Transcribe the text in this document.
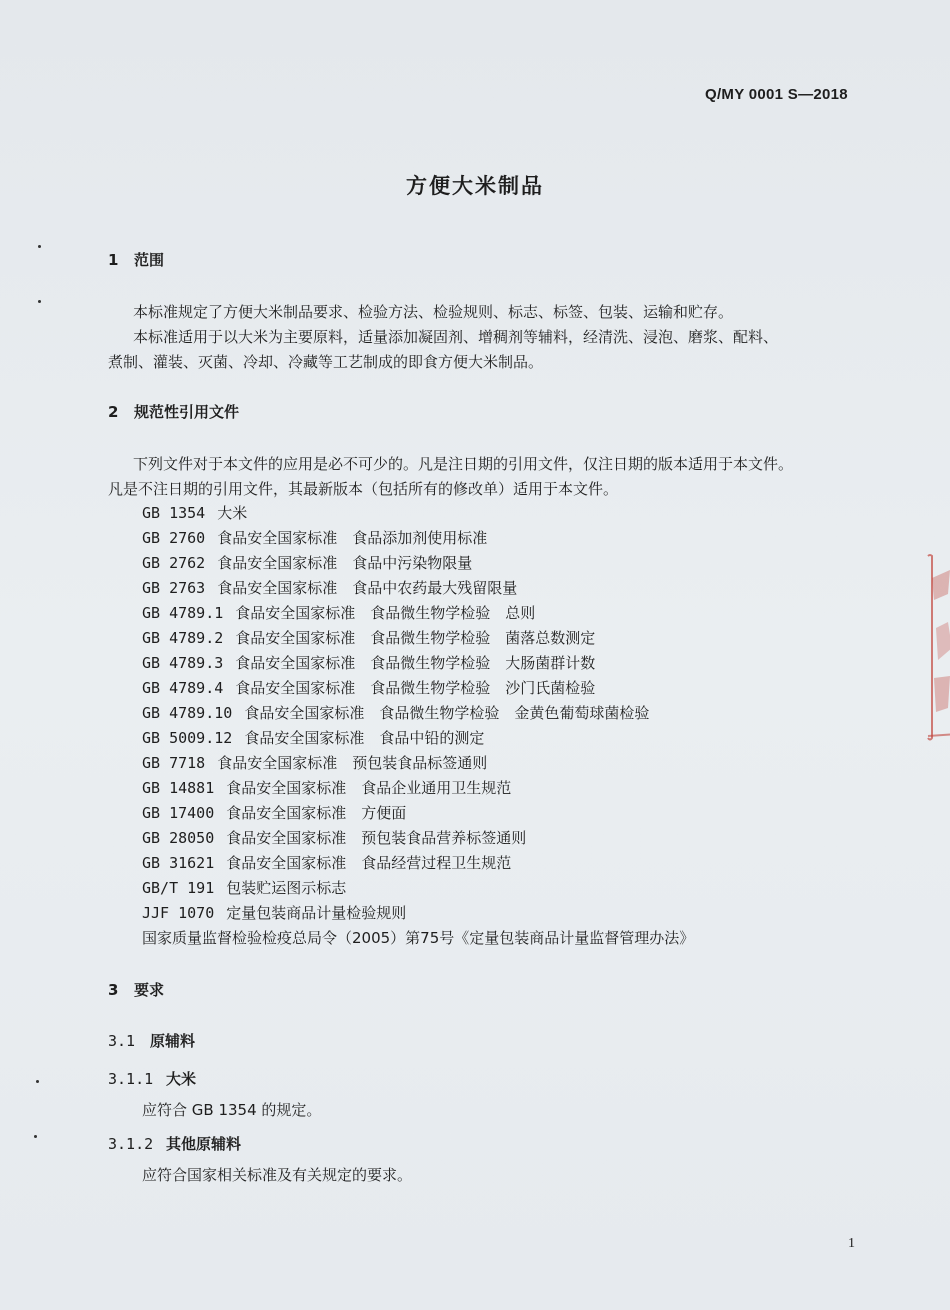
Q/MY 0001 S—2018
方便大米制品
1 范围
本标准规定了方便大米制品要求、检验方法、检验规则、标志、标签、包装、运输和贮存。
本标准适用于以大米为主要原料，适量添加凝固剂、增稠剂等辅料，经清洗、浸泡、磨浆、配料、
煮制、灌装、灭菌、冷却、冷藏等工艺制成的即食方便大米制品。
2 规范性引用文件
下列文件对于本文件的应用是必不可少的。凡是注日期的引用文件，仅注日期的版本适用于本文件。
凡是不注日期的引用文件，其最新版本（包括所有的修改单）适用于本文件。
GB 1354 大米
GB 2760 食品安全国家标准　食品添加剂使用标准
GB 2762 食品安全国家标准　食品中污染物限量
GB 2763 食品安全国家标准　食品中农药最大残留限量
GB 4789.1 食品安全国家标准　食品微生物学检验　总则
GB 4789.2 食品安全国家标准　食品微生物学检验　菌落总数测定
GB 4789.3 食品安全国家标准　食品微生物学检验　大肠菌群计数
GB 4789.4 食品安全国家标准　食品微生物学检验　沙门氏菌检验
GB 4789.10 食品安全国家标准　食品微生物学检验　金黄色葡萄球菌检验
GB 5009.12 食品安全国家标准　食品中铅的测定
GB 7718 食品安全国家标准　预包装食品标签通则
GB 14881 食品安全国家标准　食品企业通用卫生规范
GB 17400 食品安全国家标准　方便面
GB 28050 食品安全国家标准　预包装食品营养标签通则
GB 31621 食品安全国家标准　食品经营过程卫生规范
GB/T 191 包装贮运图示标志
JJF 1070 定量包装商品计量检验规则
国家质量监督检验检疫总局令（2005）第75号《定量包装商品计量监督管理办法》
3 要求
3.1 原辅料
3.1.1 大米
应符合 GB 1354 的规定。
3.1.2 其他原辅料
应符合国家相关标准及有关规定的要求。
1
